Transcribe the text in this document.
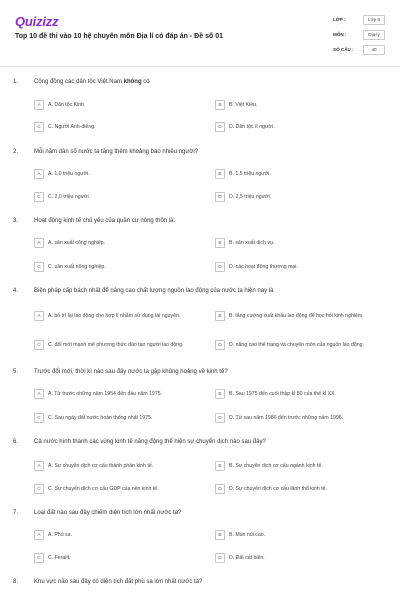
Quizizz
Top 10 đề thi vào 10 hệ chuyên môn Địa lí có đáp án - Đề số 01
LỚP :	Lớp 9
MÔN :	Địa lý
SỐ CÂU :	40
1.	Cộng đồng các dân tộc Việt Nam không có
A	A. Dân tộc Kinh.	B	B. Việt Kiều.
C	C. Người Anh-điêng.	D	D. Dân tộc ít người.
2.	Mỗi năm dân số nước ta tăng thêm khoảng bao nhiêu người?
A	A. 1,0 triệu người.	B	B. 1,5 triệu người.
C	C. 2,0 triệu người.	D	D. 2,5 triệu người.
3.	Hoạt động kinh tế chủ yếu của quần cư nông thôn là:
A	A. sản xuất công nghiệp.	B	B. sản xuất dịch vụ.
C	C. sản xuất nông nghiệp.	D	D. các hoạt động thương mại.
4.	Biện pháp cấp bách nhất để nâng cao chất lượng nguồn lao động của nước ta hiện nay là
A	A. bố trí lại lao động cho hợp lí nhằm sử dụng tài nguyên.	B	B. tăng cường xuất khẩu lao động để học hỏi kinh nghiệm.
C	C. đổi mới mạnh mẽ phương thức đào tạo người lao động.	D	D. nâng cao thể trạng và chuyên môn của nguồn lao động.
5.	Trước đổi mới, thời kì nào sau đây nước ta gặp khủng hoảng về kinh tế?
A	A. Từ trước những năm 1954 đến đầu năm 1975.	B	B. Sau 1975 đến cuối thập kỉ 80 của thế kỉ XX.
C	C. Sau ngày đất nước hoàn thống nhất 1975.	D	D. Từ sau năm 1986 đến trước những năm 1996.
6.	Cả nước hình thành các vùng kinh tế năng động thể hiện sự chuyển dịch nào sau đây?
A	A. Sự chuyển dịch cơ cấu thành phần kinh tế.	B	B. Sự chuyển dịch cơ cấu ngành kinh tế.
C	C. Sự chuyển dịch cơ cấu GDP của nền kinh tế.	D	D. Sự chuyển dịch cơ cấu lãnh thổ kinh tế.
7.	Loại đất nào sau đây chiếm diện tích lớn nhất nước ta?
A	A. Phù sa.	B	B. Mùn núi cao.
C	C. Feralit.	D	D. Đất cát biển.
8.	Khu vực nào sau đây có diện tích đất phù sa lớn nhất nước ta?
